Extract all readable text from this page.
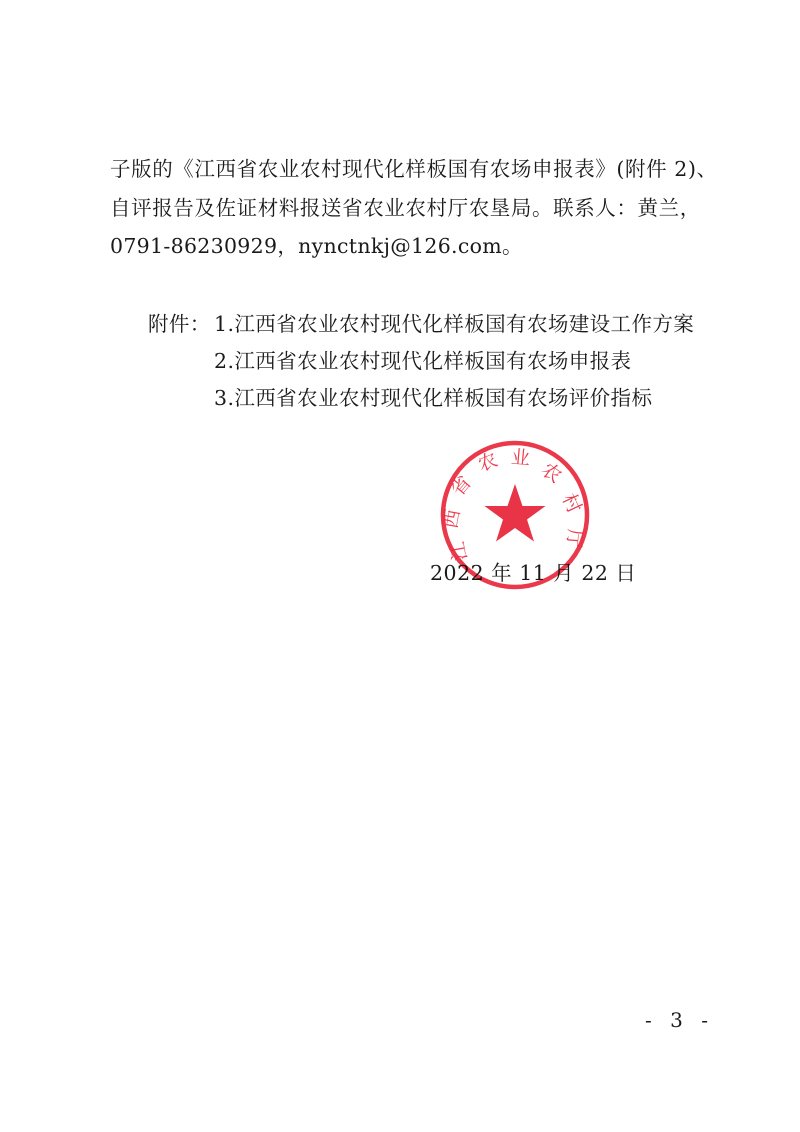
子版的《江西省农业农村现代化样板国有农场申报表》(附件 2)、
自评报告及佐证材料报送省农业农村厅农垦局。联系人：黄兰，
0791-86230929，nynctnkj@126.com。
附件： 1.江西省农业农村现代化样板国有农场建设工作方案
2.江西省农业农村现代化样板国有农场申报表
3.江西省农业农村现代化样板国有农场评价指标
2022 年 11 月 22 日
江
西
省
农 业
农
村
厅
- 3 -
